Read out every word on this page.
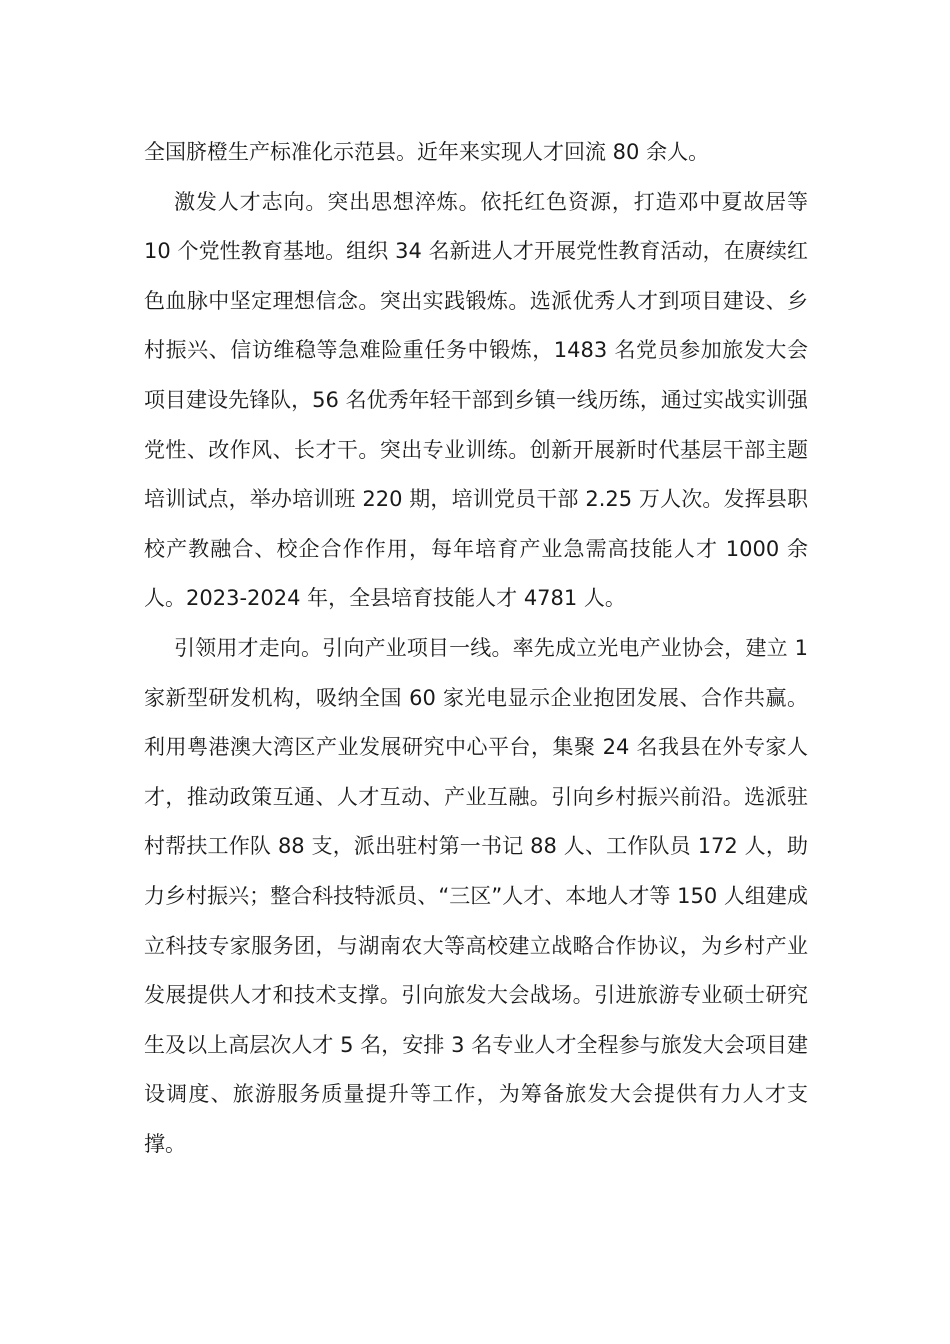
全国脐橙生产标准化示范县。近年来实现人才回流 80 余人。

激发人才志向。突出思想淬炼。依托红色资源，打造邓中夏故居等 10 个党性教育基地。组织 34 名新进人才开展党性教育活动，在赓续红色血脉中坚定理想信念。突出实践锻炼。选派优秀人才到项目建设、乡村振兴、信访维稳等急难险重任务中锻炼，1483 名党员参加旅发大会项目建设先锋队，56 名优秀年轻干部到乡镇一线历练，通过实战实训强党性、改作风、长才干。突出专业训练。创新开展新时代基层干部主题培训试点，举办培训班 220 期，培训党员干部 2.25 万人次。发挥县职校产教融合、校企合作作用，每年培育产业急需高技能人才 1000 余人。2023-2024 年，全县培育技能人才 4781 人。

引领用才走向。引向产业项目一线。率先成立光电产业协会，建立 1 家新型研发机构，吸纳全国 60 家光电显示企业抱团发展、合作共赢。利用粤港澳大湾区产业发展研究中心平台，集聚 24 名我县在外专家人才，推动政策互通、人才互动、产业互融。引向乡村振兴前沿。选派驻村帮扶工作队 88 支，派出驻村第一书记 88 人、工作队员 172 人，助力乡村振兴；整合科技特派员、“三区”人才、本地人才等 150 人组建成立科技专家服务团，与湖南农大等高校建立战略合作协议，为乡村产业发展提供人才和技术支撑。引向旅发大会战场。引进旅游专业硕士研究生及以上高层次人才 5 名，安排 3 名专业人才全程参与旅发大会项目建设调度、旅游服务质量提升等工作，为筹备旅发大会提供有力人才支撑。
